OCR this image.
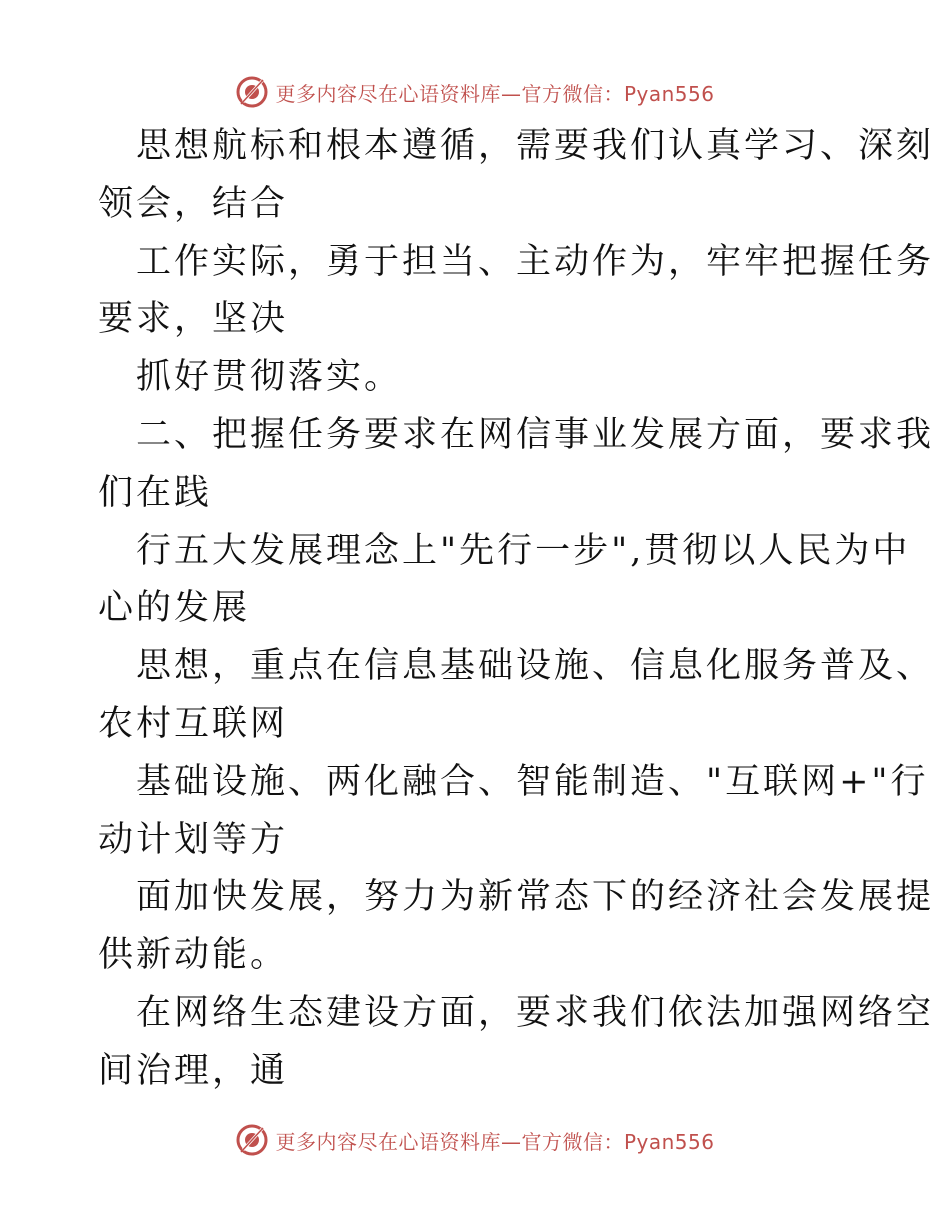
更多内容尽在心语资料库—官方微信：Pyan556
思想航标和根本遵循，需要我们认真学习、深刻
领会，结合
工作实际，勇于担当、主动作为，牢牢把握任务
要求，坚决
抓好贯彻落实。
二、把握任务要求在网信事业发展方面，要求我
们在践
行五大发展理念上"先行一步",贯彻以人民为中
心的发展
思想，重点在信息基础设施、信息化服务普及、
农村互联网
基础设施、两化融合、智能制造、"互联网+"行
动计划等方
面加快发展，努力为新常态下的经济社会发展提
供新动能。
在网络生态建设方面，要求我们依法加强网络空
间治理，通
更多内容尽在心语资料库—官方微信：Pyan556
